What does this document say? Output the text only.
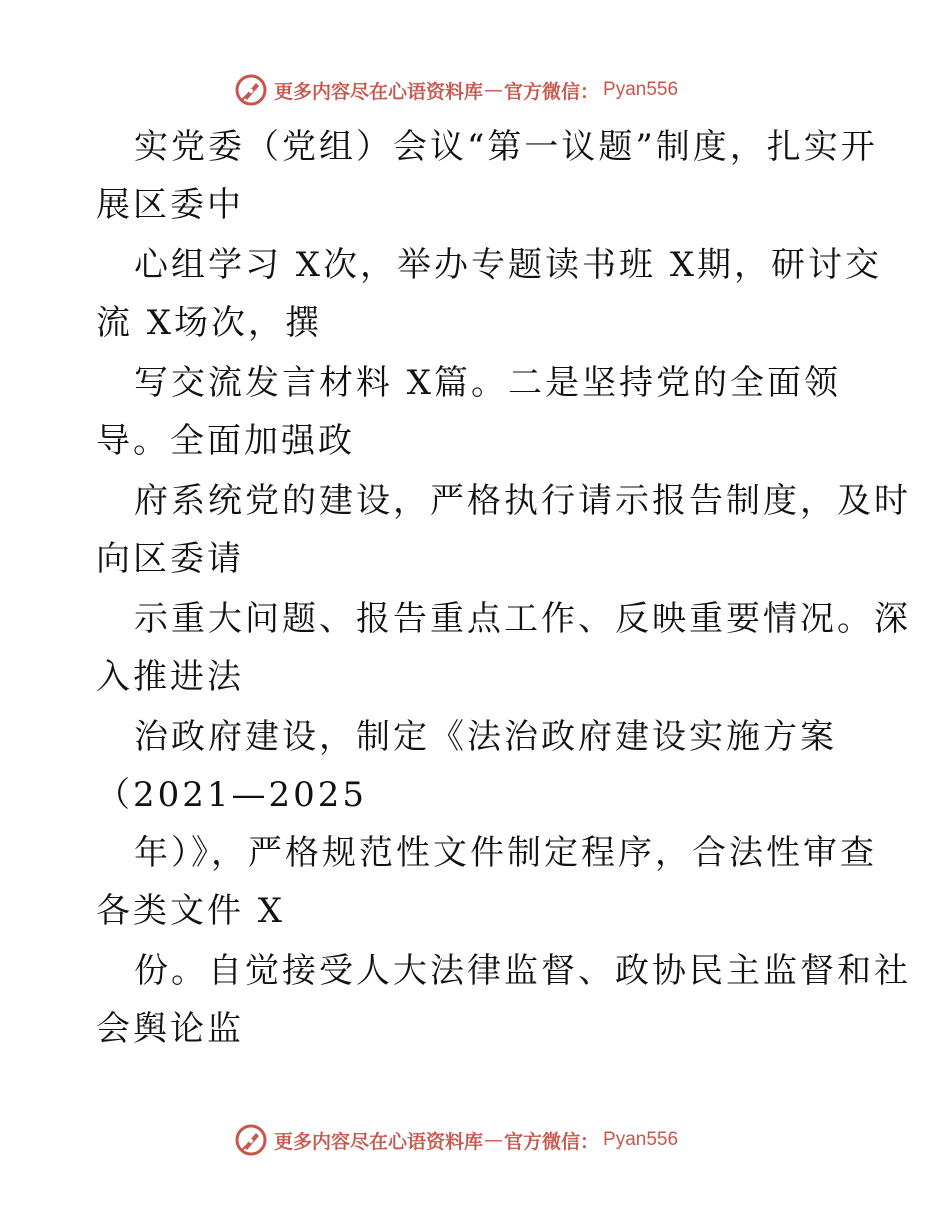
更多内容尽在心语资料库 — 官方微信： Pyan556
实党委（党组）会议“第一议题”制度，扎实开
展区委中
心组学习 X次，举办专题读书班 X期，研讨交
流 X场次，撰
写交流发言材料 X篇。二是坚持党的全面领
导。全面加强政
府系统党的建设，严格执行请示报告制度，及时
向区委请
示重大问题、报告重点工作、反映重要情况。深
入推进法
治政府建设，制定《法治政府建设实施方案
（2021—2025
年）》，严格规范性文件制定程序，合法性审查
各类文件 X
份。自觉接受人大法律监督、政协民主监督和社
会舆论监
更多内容尽在心语资料库 — 官方微信： Pyan556
